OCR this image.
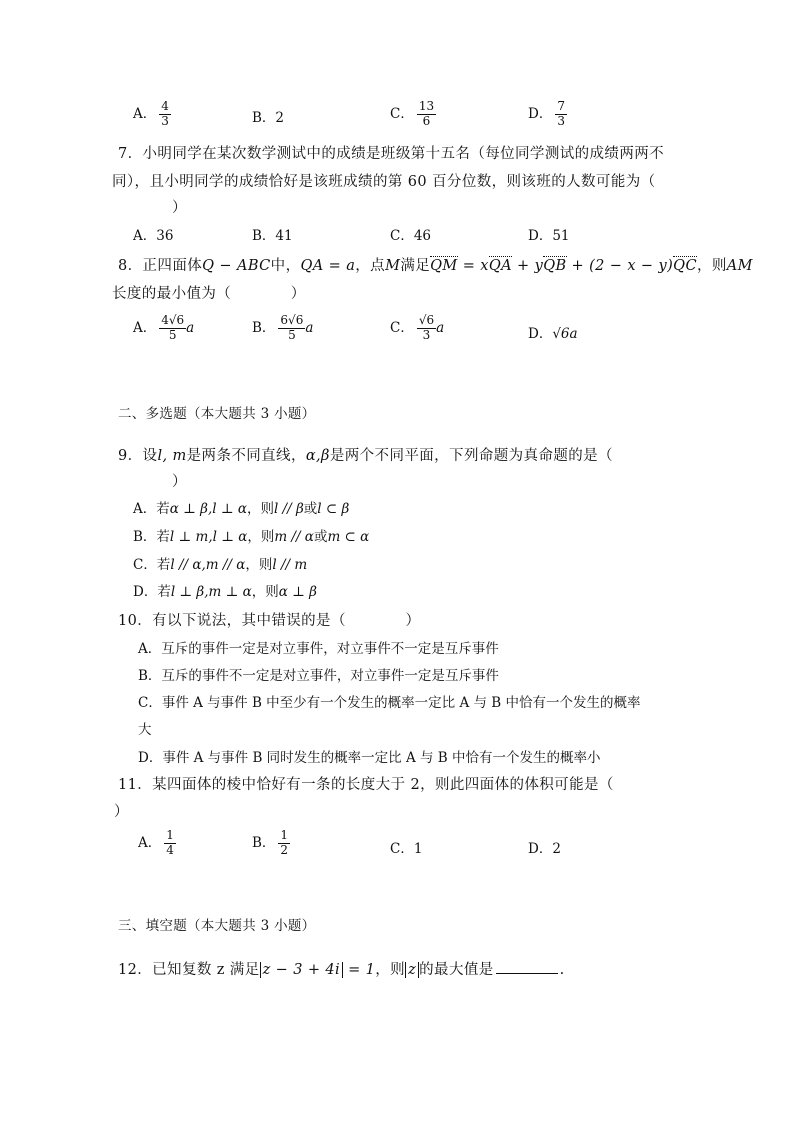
A． $\frac{4}{3}$	B．2	C． $\frac{13}{6}$	D． $\frac{7}{3}$
7．小明同学在某次数学测试中的成绩是班级第十五名（每位同学测试的成绩两两不
同），且小明同学的成绩恰好是该班成绩的第 60 百分位数，则该班的人数可能为（
）
A．36	B．41	C．46	D．51
8．正四面体Q − ABC中，QA = a，点M满足QM = xQA + yQB + (2 − x − y)QC，则AM
长度的最小值为（　　　　）
A． $\frac{4√6}{5}$ a	B． $\frac{6√6}{5}$ a	C． $\frac{√6}{3}$ a	D．√6a
二、多选题（本大题共 3 小题）
9．设l, m是两条不同直线，α,β是两个不同平面，下列命题为真命题的是（
）
A．若α ⊥ β,l ⊥ α，则l // β或l ⊂ β
B．若l ⊥ m,l ⊥ α，则m // α或m ⊂ α
C．若l // α,m // α，则l // m
D．若l ⊥ β,m ⊥ α，则α ⊥ β
10．有以下说法，其中错误的是（　　　　）
A．互斥的事件一定是对立事件，对立事件不一定是互斥事件
B．互斥的事件不一定是对立事件，对立事件一定是互斥事件
C．事件 A 与事件 B 中至少有一个发生的概率一定比 A 与 B 中恰有一个发生的概率
大
D．事件 A 与事件 B 同时发生的概率一定比 A 与 B 中恰有一个发生的概率小
11．某四面体的棱中恰好有一条的长度大于 2，则此四面体的体积可能是（
）
A． $\frac{1}{4}$	B． $\frac{1}{2}$	C．1	D．2
三、填空题（本大题共 3 小题）
12．已知复数 z 满足 z − 3 + 4i = 1，则 z 的最大值是	.
